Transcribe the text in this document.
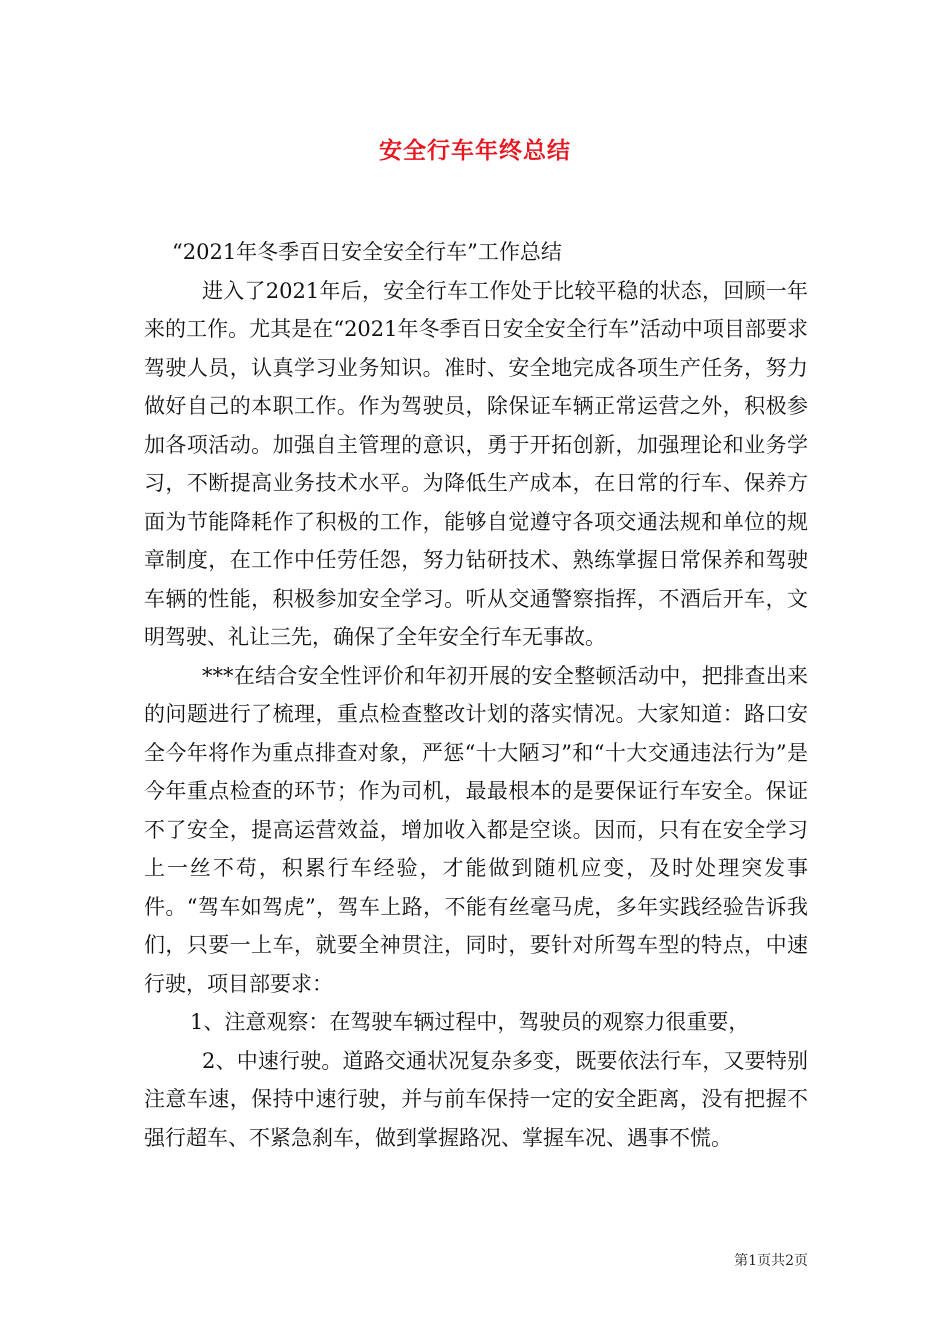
安全行车年终总结

“2021年冬季百日安全安全行车”工作总结

进入了2021年后，安全行车工作处于比较平稳的状态，回顾一年来的工作。尤其是在“2021年冬季百日安全安全行车”活动中项目部要求驾驶人员，认真学习业务知识。准时、安全地完成各项生产任务，努力做好自己的本职工作。作为驾驶员，除保证车辆正常运营之外，积极参加各项活动。加强自主管理的意识，勇于开拓创新，加强理论和业务学习，不断提高业务技术水平。为降低生产成本，在日常的行车、保养方面为节能降耗作了积极的工作，能够自觉遵守各项交通法规和单位的规章制度，在工作中任劳任怨，努力钻研技术、熟练掌握日常保养和驾驶车辆的性能，积极参加安全学习。听从交通警察指挥，不酒后开车，文明驾驶、礼让三先，确保了全年安全行车无事故。

***在结合安全性评价和年初开展的安全整顿活动中，把排查出来的问题进行了梳理，重点检查整改计划的落实情况。大家知道：路口安全今年将作为重点排查对象，严惩“十大陋习”和“十大交通违法行为”是今年重点检查的环节；作为司机，最最根本的是要保证行车安全。保证不了安全，提高运营效益，增加收入都是空谈。因而，只有在安全学习上一丝不苟，积累行车经验，才能做到随机应变，及时处理突发事件。“驾车如驾虎”，驾车上路，不能有丝毫马虎，多年实践经验告诉我们，只要一上车，就要全神贯注，同时，要针对所驾车型的特点，中速行驶，项目部要求：

1、注意观察：在驾驶车辆过程中，驾驶员的观察力很重要，

2、中速行驶。道路交通状况复杂多变，既要依法行车，又要特别注意车速，保持中速行驶，并与前车保持一定的安全距离，没有把握不强行超车、不紧急刹车，做到掌握路况、掌握车况、遇事不慌。

第1页共2页
